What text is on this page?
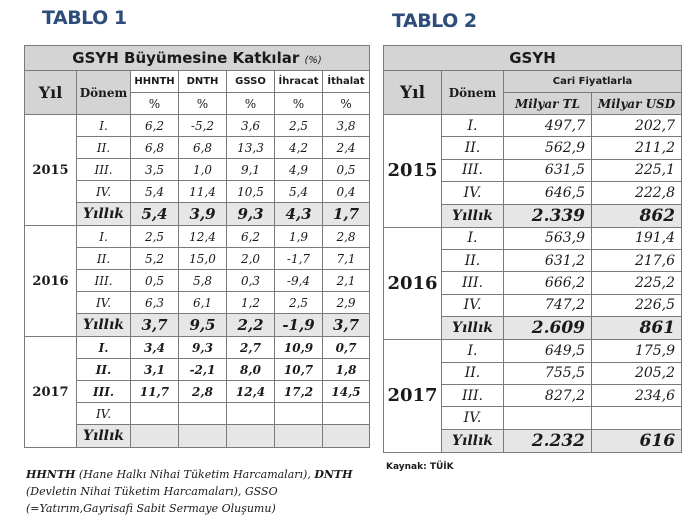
TABLO 1	TABLO 2
GSYH Büyümesine Katkılar (%)						
Yıl	Dönem	HHNTH	DNTH	GSSO	İhracat	İthalat
		%	%	%	%	%
2015	I.	6,2	-5,2	3,6	2,5	3,8
	II.	6,8	6,8	13,3	4,2	2,4
	III.	3,5	1,0	9,1	4,9	0,5
	IV.	5,4	11,4	10,5	5,4	0,4
	Yıllık	5,4	3,9	9,3	4,3	1,7
2016	I.	2,5	12,4	6,2	1,9	2,8
	II.	5,2	15,0	2,0	-1,7	7,1
	III.	0,5	5,8	0,3	-9,4	2,1
	IV.	6,3	6,1	1,2	2,5	2,9
	Yıllık	3,7	9,5	2,2	-1,9	3,7
2017	I.	3,4	9,3	2,7	10,9	0,7
	II.	3,1	-2,1	8,0	10,7	1,8
	III.	11,7	2,8	12,4	17,2	14,5
	IV.					
	Yıllık					
GSYH			
Yıl	Dönem	Cari Fiyatlarla	
		Milyar TL	Milyar USD
2015	I.	497,7	202,7
	II.	562,9	211,2
	III.	631,5	225,1
	IV.	646,5	222,8
	Yıllık	2.339	862
2016	I.	563,9	191,4
	II.	631,2	217,6
	III.	666,2	225,2
	IV.	747,2	226,5
	Yıllık	2.609	861
2017	I.	649,5	175,9
	II.	755,5	205,2
	III.	827,2	234,6
	IV.		
	Yıllık	2.232	616
HHNTH (Hane Halkı Nihai Tüketim Harcamaları), DNTH
(Devletin Nihai Tüketim Harcamaları), GSSO
(=Yatırım,Gayrisafi Sabit Sermaye Oluşumu)
Kaynak: TÜİK
